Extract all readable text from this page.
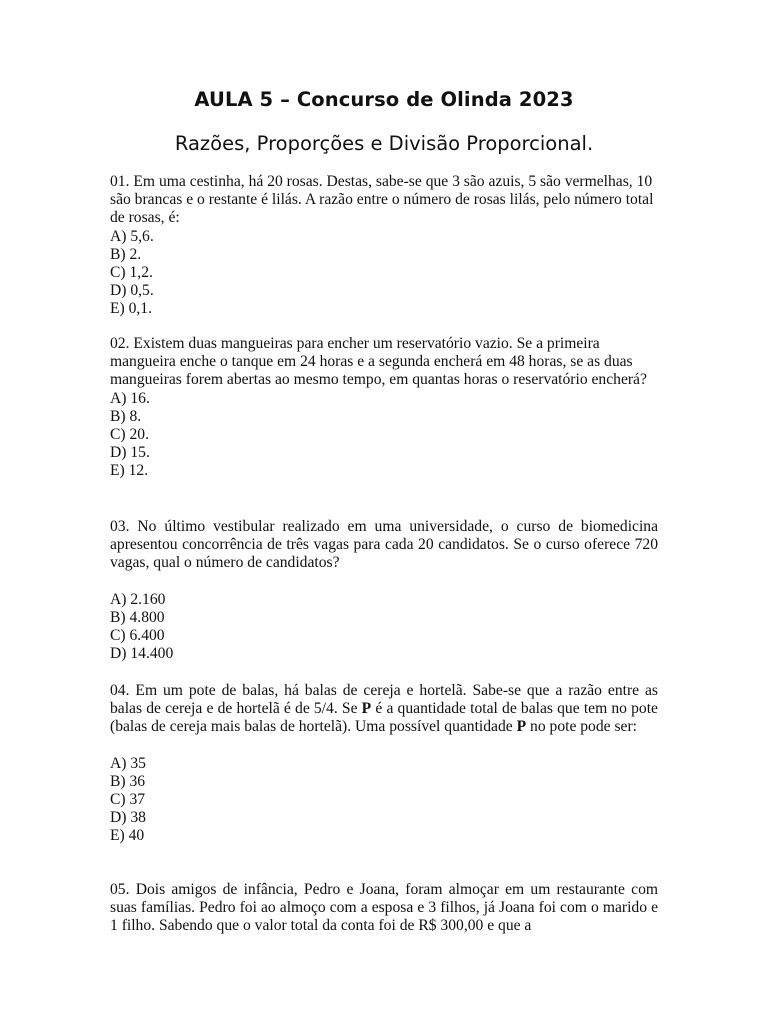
AULA 5 – Concurso de Olinda 2023
Razões, Proporções e Divisão Proporcional.

01. Em uma cestinha, há 20 rosas. Destas, sabe-se que 3 são azuis, 5 são vermelhas, 10 são brancas e o restante é lilás. A razão entre o número de rosas lilás, pelo número total de rosas, é:

A) 5,6.
B) 2.
C) 1,2.
D) 0,5.
E) 0,1.

02. Existem duas mangueiras para encher um reservatório vazio. Se a primeira mangueira enche o tanque em 24 horas e a segunda encherá em 48 horas, se as duas mangueiras forem abertas ao mesmo tempo, em quantas horas o reservatório encherá?

A) 16.
B) 8.
C) 20.
D) 15.
E) 12.

03. No último vestibular realizado em uma universidade, o curso de biomedicina apresentou concorrência de três vagas para cada 20 candidatos. Se o curso oferece 720 vagas, qual o número de candidatos?

A) 2.160
B) 4.800
C) 6.400
D) 14.400

04. Em um pote de balas, há balas de cereja e hortelã. Sabe-se que a razão entre as balas de cereja e de hortelã é de 5/4. Se P é a quantidade total de balas que tem no pote (balas de cereja mais balas de hortelã). Uma possível quantidade P no pote pode ser:

A) 35
B) 36
C) 37
D) 38
E) 40

05. Dois amigos de infância, Pedro e Joana, foram almoçar em um restaurante com suas famílias. Pedro foi ao almoço com a esposa e 3 filhos, já Joana foi com o marido e 1 filho. Sabendo que o valor total da conta foi de R$ 300,00 e que a
